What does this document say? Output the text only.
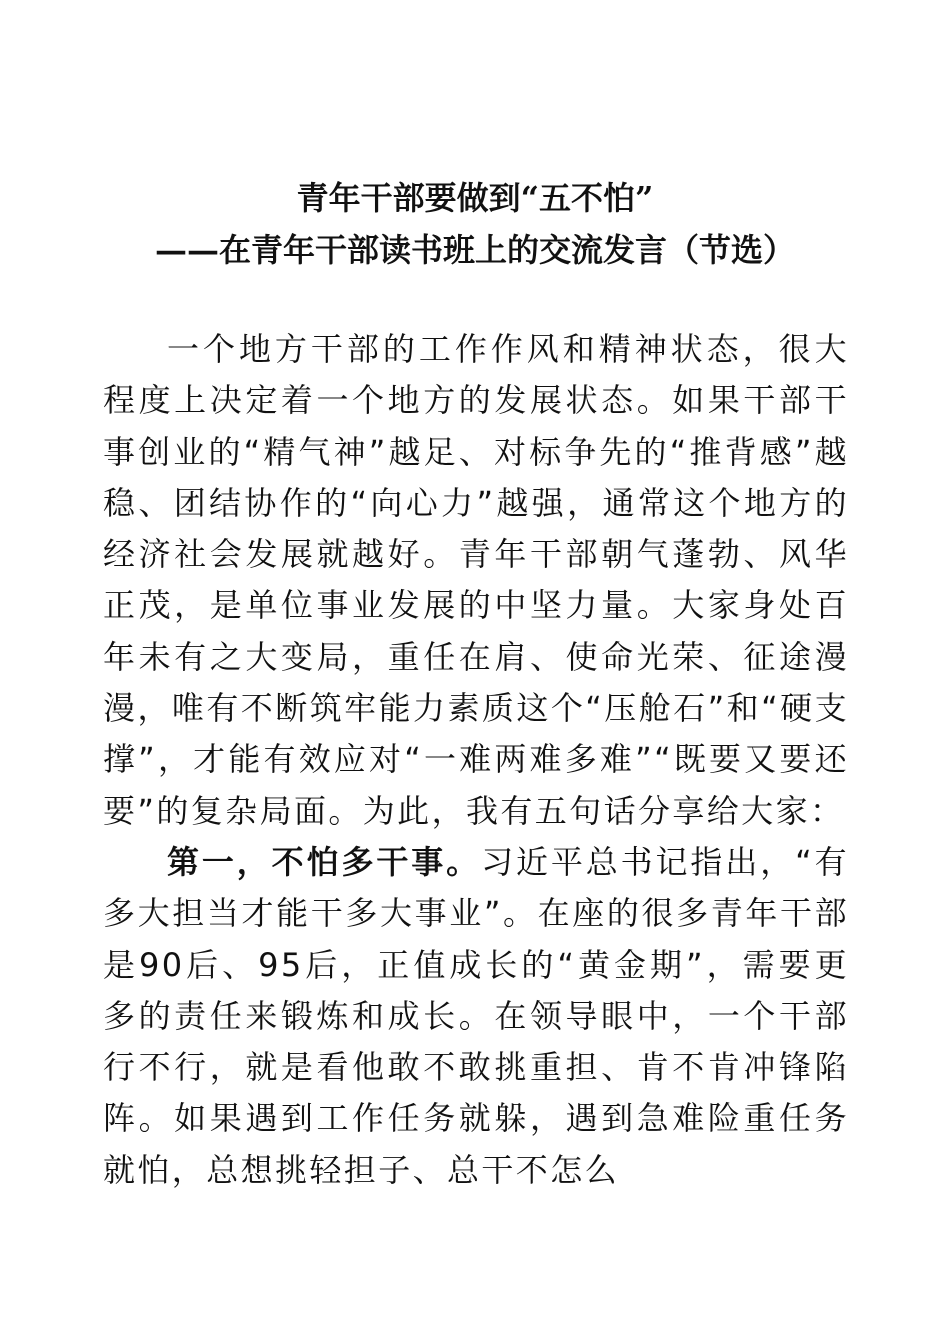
青年干部要做到“五不怕”
——在青年干部读书班上的交流发言（节选）

一个地方干部的工作作风和精神状态，很大程度上决定着一个地方的发展状态。如果干部干事创业的“精气神”越足、对标争先的“推背感”越稳、团结协作的“向心力”越强，通常这个地方的经济社会发展就越好。青年干部朝气蓬勃、风华正茂，是单位事业发展的中坚力量。大家身处百年未有之大变局，重任在肩、使命光荣、征途漫漫，唯有不断筑牢能力素质这个“压舱石”和“硬支撑”，才能有效应对“一难两难多难”“既要又要还要”的复杂局面。为此，我有五句话分享给大家：

第一，不怕多干事。习近平总书记指出，“有多大担当才能干多大事业”。在座的很多青年干部是90后、95后，正值成长的“黄金期”，需要更多的责任来锻炼和成长。在领导眼中，一个干部行不行，就是看他敢不敢挑重担、肯不肯冲锋陷阵。如果遇到工作任务就躲，遇到急难险重任务就怕，总想挑轻担子、总干不怎么
